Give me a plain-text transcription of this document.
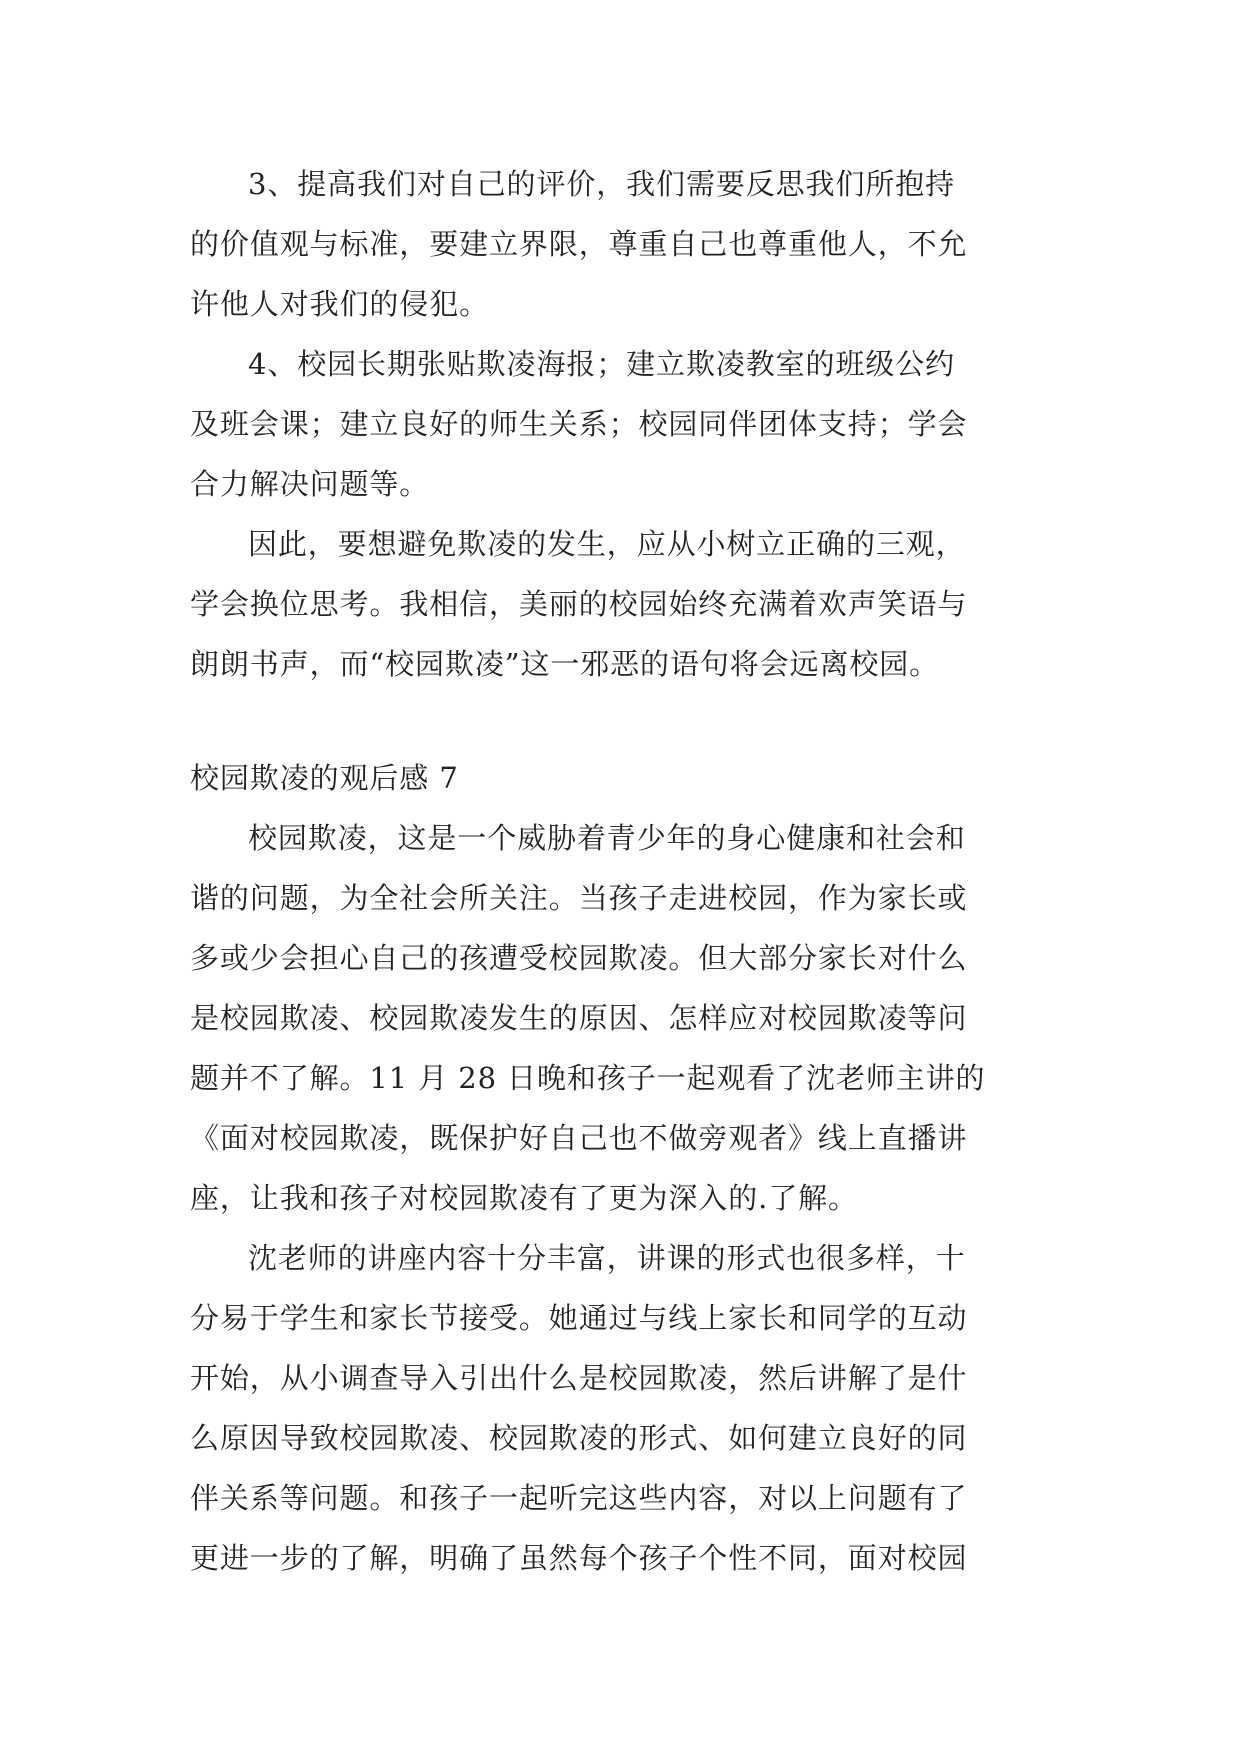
3、提高我们对自己的评价，我们需要反思我们所抱持
的价值观与标准，要建立界限，尊重自己也尊重他人，不允
许他人对我们的侵犯。
4、校园长期张贴欺凌海报；建立欺凌教室的班级公约
及班会课；建立良好的师生关系；校园同伴团体支持；学会
合力解决问题等。
因此，要想避免欺凌的发生，应从小树立正确的三观，
学会换位思考。我相信，美丽的校园始终充满着欢声笑语与
朗朗书声，而“校园欺凌”这一邪恶的语句将会远离校园。
校园欺凌的观后感 7
校园欺凌，这是一个威胁着青少年的身心健康和社会和
谐的问题，为全社会所关注。当孩子走进校园，作为家长或
多或少会担心自己的孩遭受校园欺凌。但大部分家长对什么
是校园欺凌、校园欺凌发生的原因、怎样应对校园欺凌等问
题并不了解。11 月 28 日晚和孩子一起观看了沈老师主讲的
《面对校园欺凌，既保护好自己也不做旁观者》线上直播讲
座，让我和孩子对校园欺凌有了更为深入的.了解。
沈老师的讲座内容十分丰富，讲课的形式也很多样，十
分易于学生和家长节接受。她通过与线上家长和同学的互动
开始，从小调查导入引出什么是校园欺凌，然后讲解了是什
么原因导致校园欺凌、校园欺凌的形式、如何建立良好的同
伴关系等问题。和孩子一起听完这些内容，对以上问题有了
更进一步的了解，明确了虽然每个孩子个性不同，面对校园
